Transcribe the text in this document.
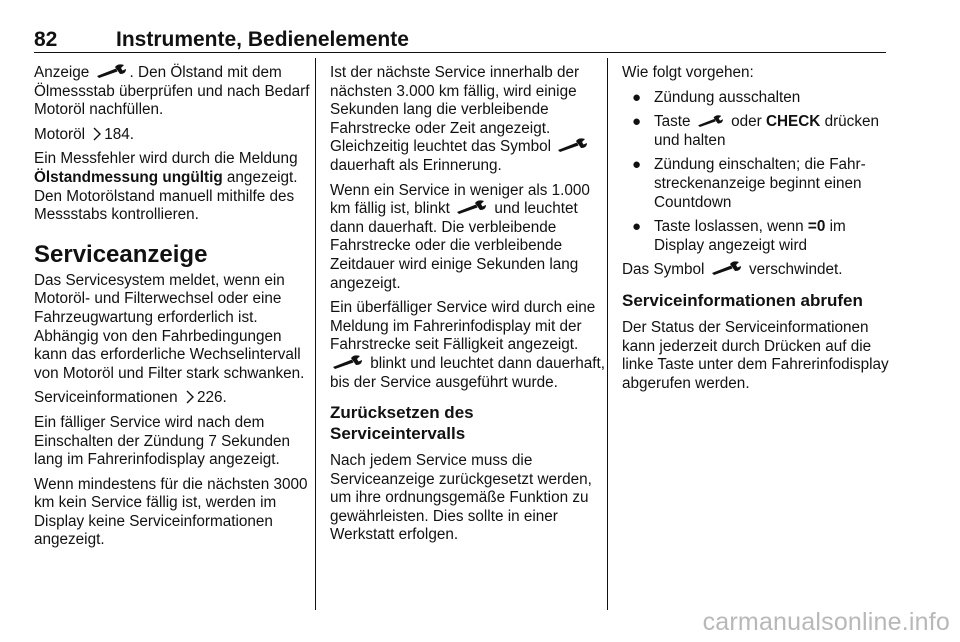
82	Instrumente, Bedienelemente

Anzeige	. Den Ölstand mit dem Ölmessstab überprüfen und nach Bedarf Motoröl nachfüllen.

Motoröl 184.

Ein Messfehler wird durch die Meldung Ölstandmessung ungültig angezeigt. Den Motorölstand manuell mithilfe des Messstabs kontrollieren.

Serviceanzeige

Das Servicesystem meldet, wenn ein Motoröl- und Filterwechsel oder eine Fahrzeugwartung erforderlich ist. Abhängig von den Fahrbedingungen kann das erforderliche Wechselintervall von Motoröl und Filter stark schwanken.

Serviceinformationen 226.

Ein fälliger Service wird nach dem Einschalten der Zündung 7 Sekunden lang im Fahrerinfodisplay angezeigt.

Wenn mindestens für die nächsten 3000 km kein Service fällig ist, werden im Display keine Serviceinformationen angezeigt.

Ist der nächste Service innerhalb der nächsten 3.000 km fällig, wird einige Sekunden lang die verbleibende Fahrstrecke oder Zeit angezeigt. Gleichzeitig leuchtet das Symbol  dauerhaft als Erinnerung.

Wenn ein Service in weniger als 1.000 km fällig ist, blinkt	und leuchtet dann dauerhaft. Die verbleibende Fahrstrecke oder die verbleibende Zeitdauer wird einige Sekunden lang angezeigt.

Ein überfälliger Service wird durch eine Meldung im Fahrerinfodisplay mit der Fahrstrecke seit Fälligkeit angezeigt.  blinkt und leuchtet dann dauerhaft, bis der Service ausgeführt wurde.

Zurücksetzen des Serviceintervalls

Nach jedem Service muss die Serviceanzeige zurückgesetzt werden, um ihre ordnungsgemäße Funktion zu gewährleisten. Dies sollte in einer Werkstatt erfolgen.

Wie folgt vorgehen:

● Zündung ausschalten
● Taste	oder CHECK drücken und halten
● Zündung einschalten; die Fahrstreckenanzeige beginnt einen Countdown
● Taste loslassen, wenn =0 im Display angezeigt wird

Das Symbol	verschwindet.

Serviceinformationen abrufen

Der Status der Serviceinformationen kann jederzeit durch Drücken auf die linke Taste unter dem Fahrerinfodisplay abgerufen werden.

carmanualsonline.info
